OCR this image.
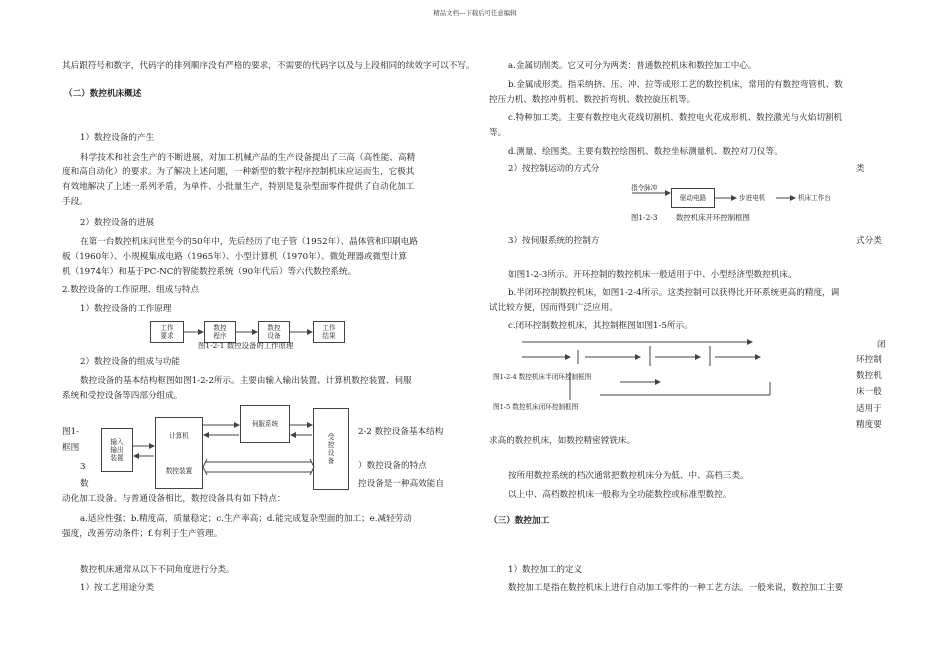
精品文档---下载后可任意编辑
其后跟符号和数字，代码字的排列顺序没有严格的要求，不需要的代码字以及与上段相同的续效字可以不写。
（二）数控机床概述
1）数控设备的产生
科学技术和社会生产的不断进展，对加工机械产品的生产设备提出了三高（高性能、高精
度和高自动化）的要求。为了解决上述问题，一种新型的数字程序控制机床应运而生，它极其
有效地解决了上述一系列矛盾，为单件、小批量生产，特别是复杂型面零件提供了自动化加工
手段。
2）数控设备的进展
在第一台数控机床问世至今的50年中，先后经历了电子管（1952年）、晶体管和印刷电路
板（1960年）、小规模集成电路（1965年）、小型计算机（1970年）、微处理器或微型计算
机（1974年）和基于PC-NC的智能数控系统（90年代后）等六代数控系统。
2.数控设备的工作原理、组成与特点
1）数控设备的工作原理
工作
要求
数控
程序
数控
设备
工作
结果
图1-2-1 数控设备的工作原理
2）数控设备的组成与功能
数控设备的基本结构框图如图1-2-2所示。主要由输入输出装置、计算机数控装置、伺服
系统和受控设备等四部分组成。
输入
输出
装置
计算机
数控装置
伺服系统
受
控
设
备
图1-
框图
3
数
2-2 数控设备基本结构
）数控设备的特点
控设备是一种高效能自
动化加工设备。与普通设备相比，数控设备具有如下特点：
a.适应性强；b.精度高，质量稳定；c.生产率高；d.能完成复杂型面的加工；e.减轻劳动
强度，改善劳动条件；f.有利于生产管理。
数控机床通常从以下不同角度进行分类。
1）按工艺用途分类
a.金属切削类。它又可分为两类：普通数控机床和数控加工中心。
b.金属成形类。指采纳挤、压、冲、拉等成形工艺的数控机床，常用的有数控弯管机、数
控压力机、数控冲剪机、数控折弯机、数控旋压机等。
c.特种加工类。主要有数控电火花线切割机、数控电火花成形机、数控激光与火焰切割机
等。
d.测量、绘图类。主要有数控绘图机、数控坐标测量机、数控对刀仪等。
2）按控制运动的方式分	类
指令脉冲
驱动电路	步进电机	机床工作台
图1-2-3	数控机床开环控制框图
3）按伺服系统的控制方	式分类
如图1-2-3所示。开环控制的数控机床一般适用于中、小型经济型数控机床。
b.半闭环控制数控机床，如图1-2-4所示。这类控制可以获得比开环系统更高的精度，调
试比较方便，因而得到广泛应用。
c.闭环控制数控机床，其控制框图如图1-5所示。
闭
环控制
数控机
床一般
适用于
精度要
图1-2-4 数控机床半闭环控制框图
图1-5 数控机床闭环控制框图
求高的数控机床，如数控精密镗铣床。
按所用数控系统的档次通常把数控机床分为低、中、高档三类。
以上中、高档数控机床一般称为全功能数控或标准型数控。
（三）数控加工
1）数控加工的定义
数控加工是指在数控机床上进行自动加工零件的一种工艺方法。一般来说，数控加工主要
